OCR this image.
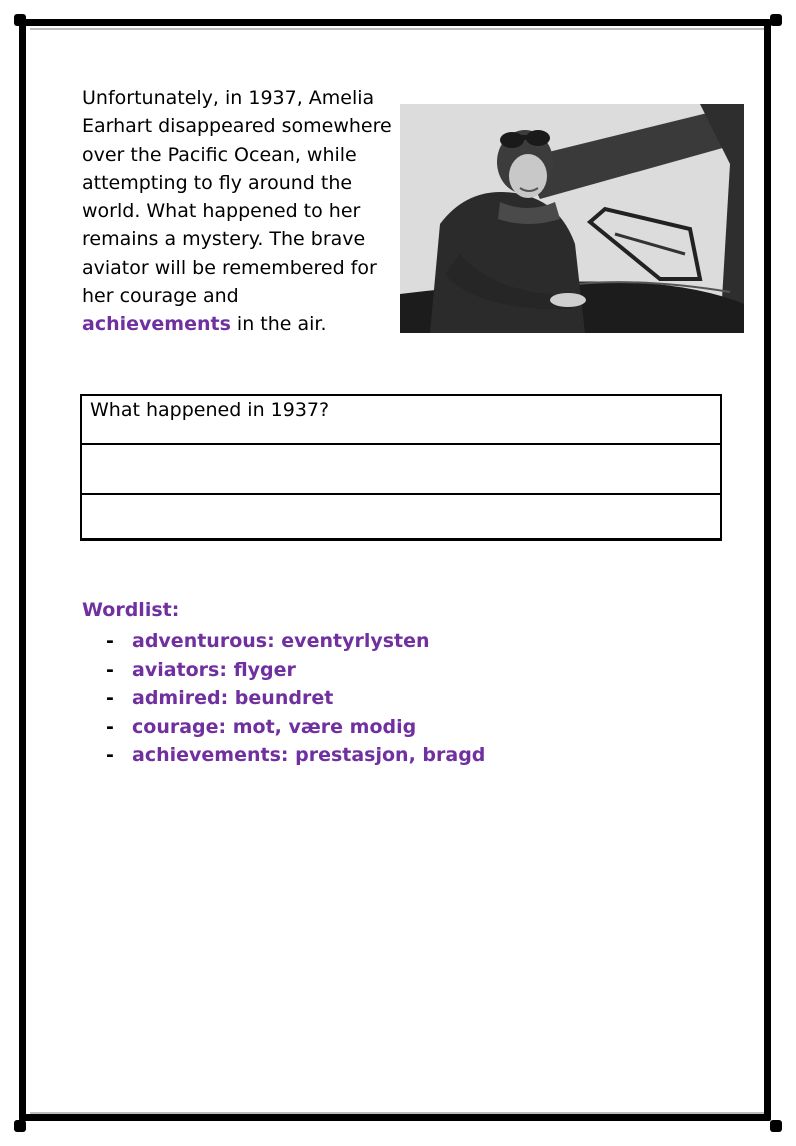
Unfortunately, in 1937, Amelia Earhart disappeared somewhere over the Pacific Ocean, while attempting to fly around the world. What happened to her remains a mystery. The brave aviator will be remembered for her courage and achievements in the air.

What happened in 1937?

Wordlist:

- adventurous: eventyrlysten
- aviators: flyger
- admired: beundret
- courage: mot, være modig
- achievements: prestasjon, bragd
